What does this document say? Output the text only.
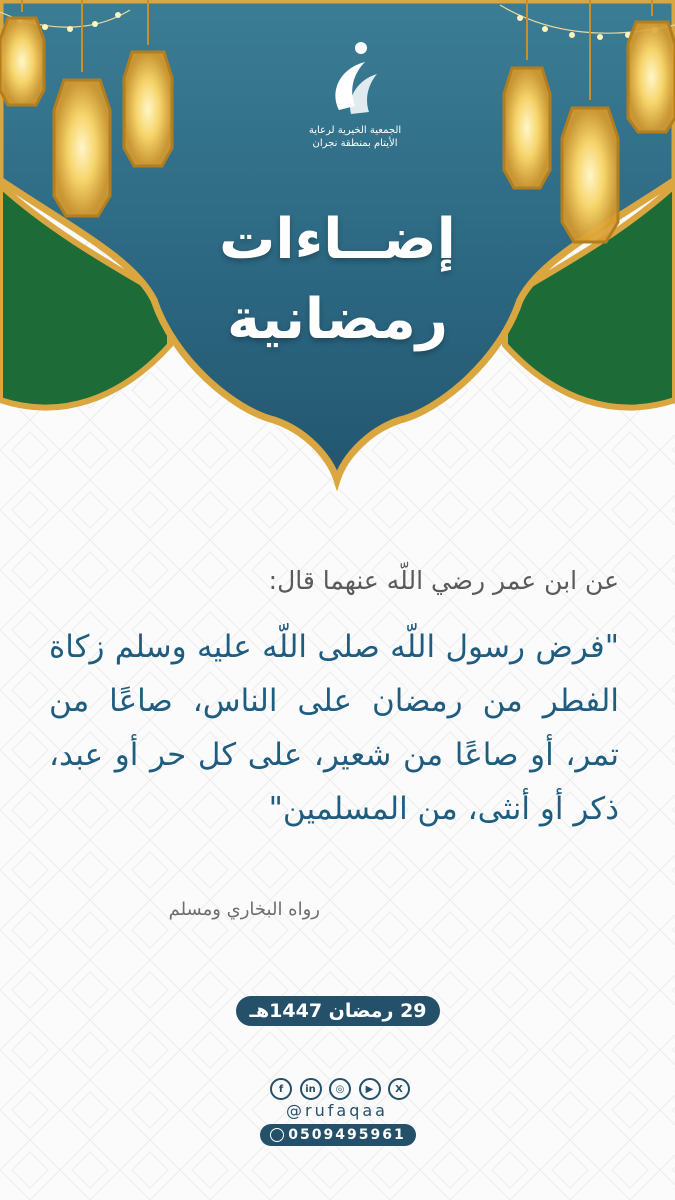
الجمعية الخيرية لرعاية
الأيتام بمنطقة نجران
إضــاءات
رمضانية
عن ابن عمر رضي اللّه عنهما قال:
"فرض رسول اللّه صلى اللّه عليه وسلم زكاة الفطر من رمضان على الناس، صاعًا من تمر، أو صاعًا من شعير، على كل حر أو عبد، ذكر أو أنثى، من المسلمين"
رواه البخاري ومسلم
29 رمضان 1447هـ
f	in	◎	▶	X
@rufaqaa
0509495961
